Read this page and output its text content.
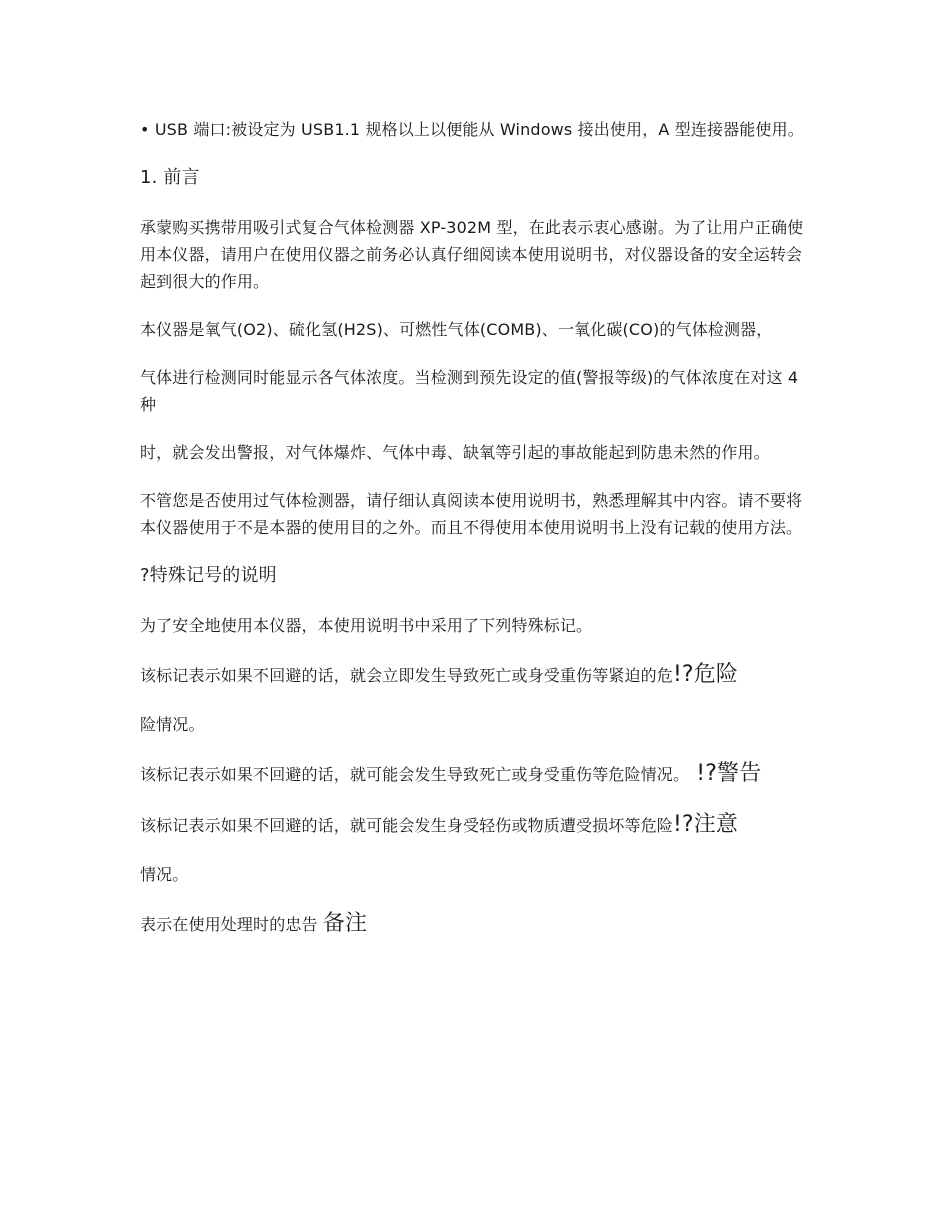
• USB 端口:被设定为 USB1.1 规格以上以便能从 Windows 接出使用，A 型连接器能使用。

1. 前言

承蒙购买携带用吸引式复合气体检测器 XP-302M 型，在此表示衷心感谢。为了让用户正确使用本仪器，请用户在使用仪器之前务必认真仔细阅读本使用说明书，对仪器设备的安全运转会起到很大的作用。

本仪器是氧气(O2)、硫化氢(H2S)、可燃性气体(COMB)、一氧化碳(CO)的气体检测器，

气体进行检测同时能显示各气体浓度。当检测到预先设定的值(警报等级)的气体浓度在对这 4 种

时，就会发出警报，对气体爆炸、气体中毒、缺氧等引起的事故能起到防患未然的作用。

不管您是否使用过气体检测器，请仔细认真阅读本使用说明书，熟悉理解其中内容。请不要将本仪器使用于不是本器的使用目的之外。而且不得使用本使用说明书上没有记载的使用方法。

?特殊记号的说明

为了安全地使用本仪器，本使用说明书中采用了下列特殊标记。

该标记表示如果不回避的话，就会立即发生导致死亡或身受重伤等紧迫的危!?危险

险情况。

该标记表示如果不回避的话，就可能会发生导致死亡或身受重伤等危险情况。 !?警告

该标记表示如果不回避的话，就可能会发生身受轻伤或物质遭受损坏等危险!?注意

情况。

表示在使用处理时的忠告 备注
